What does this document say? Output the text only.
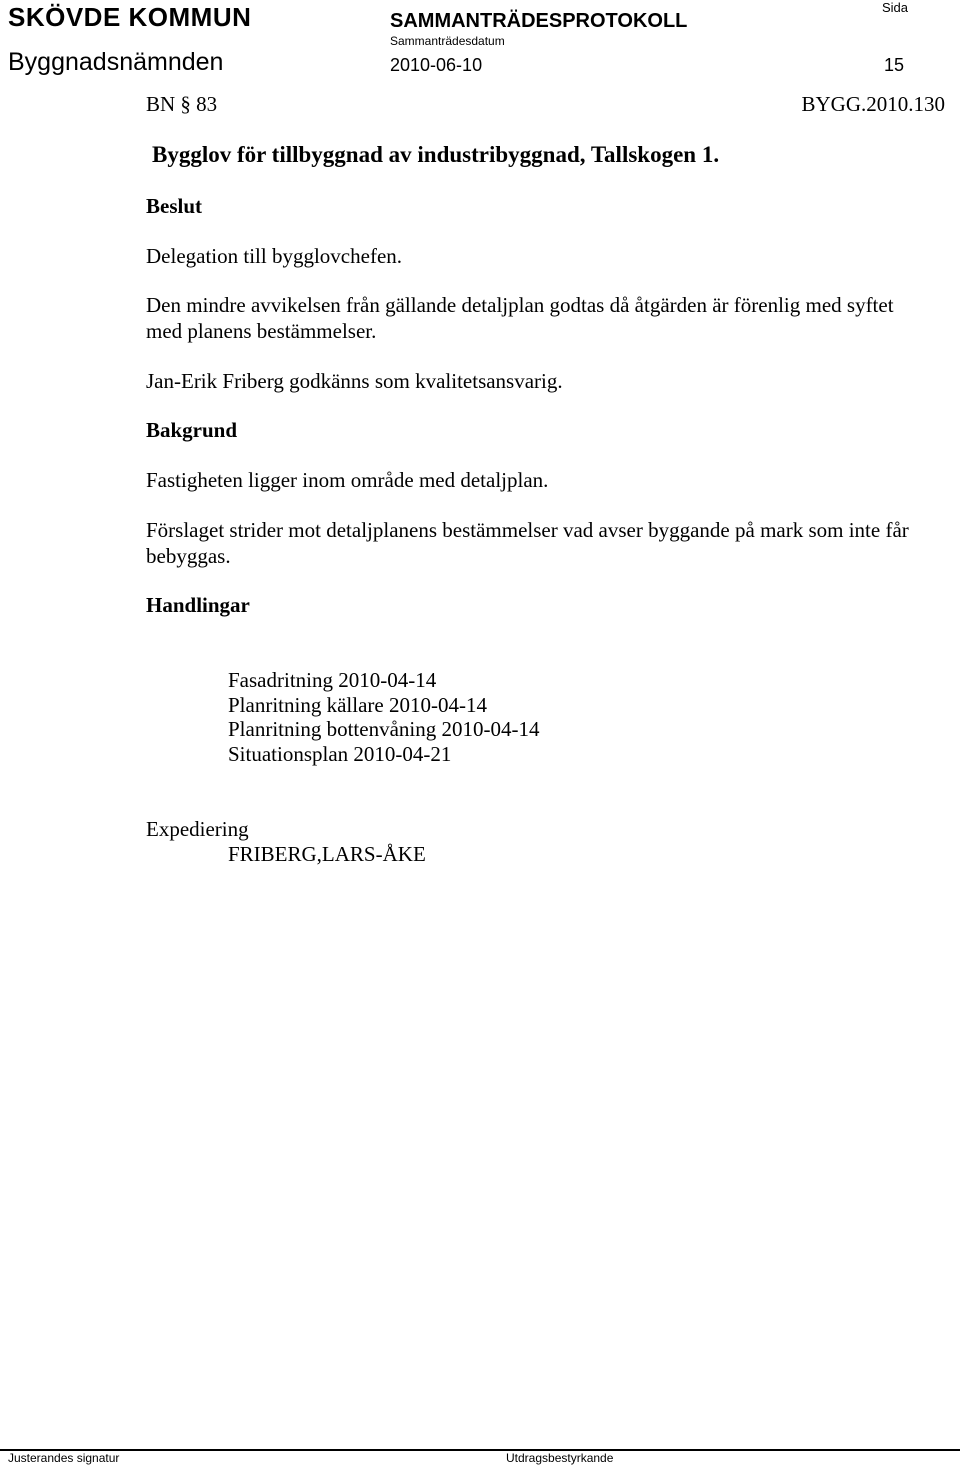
SKÖVDE KOMMUN
Byggnadsnämnden
SAMMANTRÄDESPROTOKOLL
Sammanträdesdatum
2010-06-10
Sida
15
BN § 83	BYGG.2010.130
Bygglov för tillbyggnad av industribyggnad, Tallskogen 1.
Beslut
Delegation till bygglovchefen.
Den mindre avvikelsen från gällande detaljplan godtas då åtgärden är förenlig med syftet med planens bestämmelser.
Jan-Erik Friberg godkänns som kvalitetsansvarig.
Bakgrund
Fastigheten ligger inom område med detaljplan.
Förslaget strider mot detaljplanens bestämmelser vad avser byggande på mark som inte får bebyggas.
Handlingar
Fasadritning 2010-04-14
Planritning källare 2010-04-14
Planritning bottenvåning 2010-04-14
Situationsplan 2010-04-21
Expediering
FRIBERG,LARS-ÅKE
Justerandes signatur	Utdragsbestyrkande
